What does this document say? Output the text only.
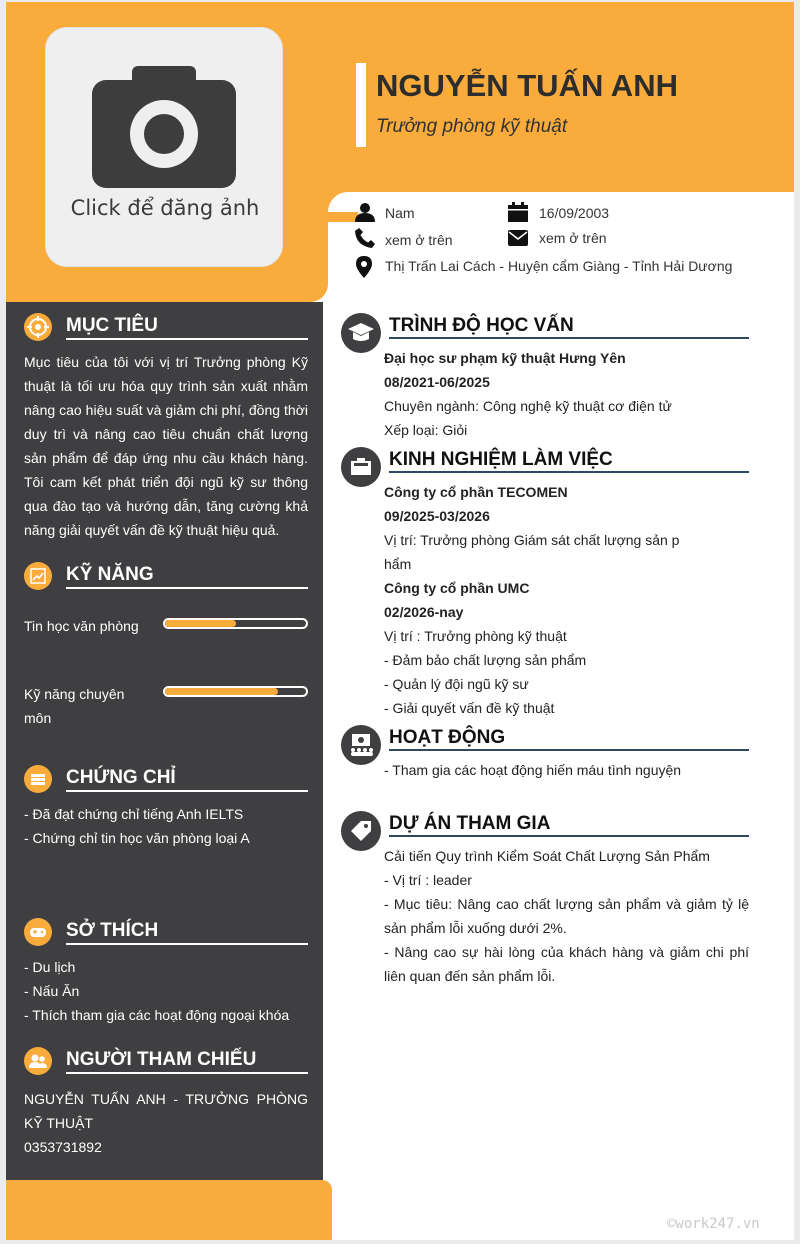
Click để đăng ảnh
NGUYỄN TUẤN ANH
Trưởng phòng kỹ thuật
Nam	16/09/2003
xem ở trên	xem ở trên
Thị Trấn Lai Cách - Huyện cẩm Giàng - Tỉnh Hải Dương
MỤC TIÊU
Mục tiêu của tôi với vị trí Trưởng phòng Kỹ thuật là tối ưu hóa quy trình sản xuất nhằm nâng cao hiệu suất và giảm chi phí, đồng thời duy trì và nâng cao tiêu chuẩn chất lượng sản phẩm để đáp ứng nhu cầu khách hàng. Tôi cam kết phát triển đội ngũ kỹ sư thông qua đào tạo và hướng dẫn, tăng cường khả năng giải quyết vấn đề kỹ thuật hiệu quả.
KỸ NĂNG
Tin học văn phòng
Kỹ năng chuyên môn
CHỨNG CHỈ
- Đã đạt chứng chỉ tiếng Anh IELTS
- Chứng chỉ tin học văn phòng loại A
SỞ THÍCH
- Du lịch
- Nấu Ăn
- Thích tham gia các hoạt động ngoại khóa
NGƯỜI THAM CHIẾU
NGUYỄN TUẤN ANH - TRƯỞNG PHÒNG KỸ THUẬT
0353731892
TRÌNH ĐỘ HỌC VẤN
Đại học sư phạm kỹ thuật Hưng Yên
08/2021-06/2025
Chuyên ngành: Công nghệ kỹ thuật cơ điện tử
Xếp loại: Giỏi
KINH NGHIỆM LÀM VIỆC
Công ty cổ phần TECOMEN
09/2025-03/2026
Vị trí: Trưởng phòng Giám sát chất lượng sản p
hẩm
Công ty cổ phần UMC
02/2026-nay
Vị trí : Trưởng phòng kỹ thuật
- Đảm bảo chất lượng sản phẩm
- Quản lý đội ngũ kỹ sư
- Giải quyết vấn đề kỹ thuật
HOẠT ĐỘNG
- Tham gia các hoạt động hiến máu tình nguyện
DỰ ÁN THAM GIA
Cải tiến Quy trình Kiểm Soát Chất Lượng Sản Phẩm
- Vị trí : leader
- Mục tiêu: Nâng cao chất lượng sản phẩm và giảm tỷ lệ sản phẩm lỗi xuống dưới 2%.
- Nâng cao sự hài lòng của khách hàng và giảm chi phí liên quan đến sản phẩm lỗi.
©work247.vn
